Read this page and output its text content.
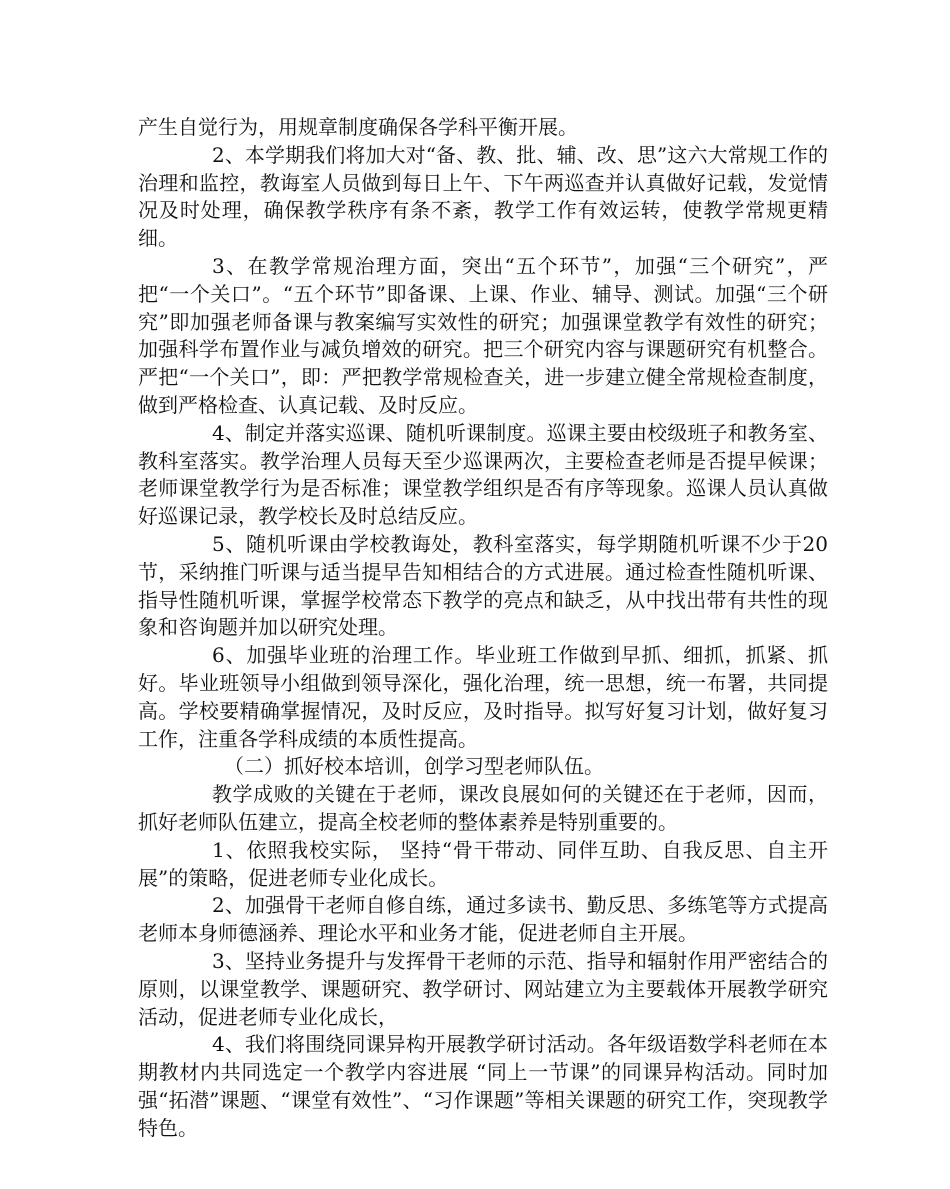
产生自觉行为，用规章制度确保各学科平衡开展。

2、本学期我们将加大对“备、教、批、辅、改、思”这六大常规工作的治理和监控，教诲室人员做到每日上午、下午两巡查并认真做好记载，发觉情况及时处理，确保教学秩序有条不紊，教学工作有效运转，使教学常规更精细。

3、在教学常规治理方面，突出“五个环节”，加强“三个研究”，严把“一个关口”。“五个环节”即备课、上课、作业、辅导、测试。加强“三个研究”即加强老师备课与教案编写实效性的研究；加强课堂教学有效性的研究；加强科学布置作业与减负增效的研究。把三个研究内容与课题研究有机整合。严把“一个关口”，即：严把教学常规检查关，进一步建立健全常规检查制度，做到严格检查、认真记载、及时反应。

4、制定并落实巡课、随机听课制度。巡课主要由校级班子和教务室、教科室落实。教学治理人员每天至少巡课两次，主要检查老师是否提早候课；老师课堂教学行为是否标准；课堂教学组织是否有序等现象。巡课人员认真做好巡课记录，教学校长及时总结反应。

5、随机听课由学校教诲处，教科室落实，每学期随机听课不少于20节，采纳推门听课与适当提早告知相结合的方式进展。通过检查性随机听课、指导性随机听课，掌握学校常态下教学的亮点和缺乏，从中找出带有共性的现象和咨询题并加以研究处理。

6、加强毕业班的治理工作。毕业班工作做到早抓、细抓，抓紧、抓好。毕业班领导小组做到领导深化，强化治理，统一思想，统一布署，共同提高。学校要精确掌握情况，及时反应，及时指导。拟写好复习计划，做好复习工作，注重各学科成绩的本质性提高。

（二）抓好校本培训，创学习型老师队伍。

教学成败的关键在于老师，课改良展如何的关键还在于老师，因而，抓好老师队伍建立，提高全校老师的整体素养是特别重要的。

1、依照我校实际， 坚持“骨干带动、同伴互助、自我反思、自主开展”的策略，促进老师专业化成长。

2、加强骨干老师自修自练，通过多读书、勤反思、多练笔等方式提高老师本身师德涵养、理论水平和业务才能，促进老师自主开展。

3、坚持业务提升与发挥骨干老师的示范、指导和辐射作用严密结合的原则，以课堂教学、课题研究、教学研讨、网站建立为主要载体开展教学研究活动，促进老师专业化成长，

4、我们将围绕同课异构开展教学研讨活动。各年级语数学科老师在本期教材内共同选定一个教学内容进展 “同上一节课”的同课异构活动。同时加强“拓潜”课题、“课堂有效性”、“习作课题”等相关课题的研究工作，突现教学特色。
